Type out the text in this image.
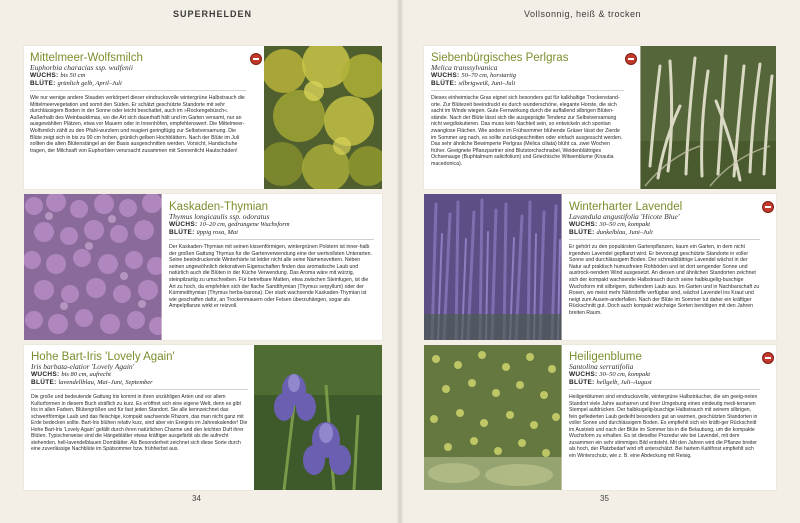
SUPERHELDEN	Vollsonnig, heiß & trocken
Mittelmeer-Wolfsmilch
Euphorbia characias ssp. wulfenii
WUCHS: bis 50 cm
BLÜTE: grünlich gelb, April–Juli
Wie nur wenige andere Stauden verkörpert dieser eindrucksvolle wintergrüne Halbstrauch die Mittelmeervegetation und somit den Süden. Er schätzt geschützte Standorte mit sehr durchlässigem Boden in der Sonne oder leicht beschattet, auch im »Rockengebüsch«. Außerhalb des Weinbauklimas, wo die Art sich dauerhaft hält und im Garten versamt, nur an ausgewählten Plätzen, etwa vor Mauern oder in Innenhöfen, empfehlenswert. Die Mittelmeer-Wolfsmilch zählt zu den Pfahl-wurzlern und reagiert geringfügig zur Selbstversamung. Die Blüte zeigt sich in bis zu 90 cm hohen, grünlich gelben Hochblättern. Nach der Blüte im Juli sollten die alten Blütenstängel an der Basis ausgeschnitten werden. Vorsicht, Handschuhe tragen, der Milchsaft von Euphorbien verursacht zusammen mit Sonnenlicht Hautschäden!
Siebenbürgisches Perlgras
Melica transsylvanica
WUCHS: 50–70 cm, horstartig
BLÜTE: silbrigweiß, Juni–Juli
Dieses einheimische Gras eignet sich besonders gut für kalkhaltige Trockenstand-orte. Zur Blütezeit beeindruckt es durch wunderschöne, elegante Horste, die sich sacht im Winde wiegen. Gute Fernwirkung durch die auffallend silbrigen Blüten-stände. Nach der Blüte lässt sich die ausgeprägte Tendenz zur Selbstversamung nicht wegdiskutieren. Das muss kein Nachteil sein, so entwickeln sich spontan zwanglose Flächen. Wie andere im Frühsommer blühende Gräser lässt der Zierde im Sommer arg nach, es sollte zurückgeschnitten oder einfach ausgesucht werden. Das sehr ähnliche Bewimperte Perlgras (Melica ciliata) blüht ca. zwei Wochen früher. Geeignete Pflanzpartner sind Blutstorchschnabel, Weidenblättriges Ochsenauge (Buphtalmum salicifolium) und Griechische Witwenblume (Knautia macedonica).
Kaskaden-Thymian
Thymus longicaulis ssp. odoratus
WUCHS: 10–20 cm, gedrungene Wuchsform
BLÜTE: üppig rosa, Mai
Der Kaskaden-Thymian mit seinen kissenförmigen, wintergrünen Polstern ist inner-halb der großen Gattung Thymus für die Gartenverwendung eine der wertvollsten Unterarten. Seine beeindruckende Winterhärte ist leider nicht alle seine Namensvettern. Neben seinen ungewöhnlich dekorativen Eigenschaften finden das aromatische Laub und natürlich auch die Blüten in der Küche Verwendung. Das Aroma wäre mit würzig, steinpilzartig zu umschreiben. Für betretbare Matten, etwa zwischen Steinfugen, ist die Art zu hoch, da empfehlen sich der flache Sandthymian (Thymus serpyllum) oder der Kümmelthymian (Thymus herba-barona). Der stark wachsende Kaskaden-Thymian ist wie geschaffen dafür, an Trockenmauern oder Felsen überzuhängen, sogar als Ampelpflanze wirkt er reizvoll.
Winterharter Lavendel
Lavandula angustifolia 'Hicote Blue'
WUCHS: 30–50 cm, kompakt
BLÜTE: dunkelblau, Juni–Juli
Er gehört zu den populärsten Gartenpflanzen, kaum ein Garten, in dem nicht irgendwo Lavendel gepflanzt wird. Er bevorzugt geschützte Standorte in voller Sonne und durchlässigem Boden. Der schmalblättrige Lavendel wächst in der Natur auf praktisch humusfreien Rohböden und ist dort sengender Sonne und austrock-nendem Wind ausgesetzt. An diesen und ähnlichen Standorten zeichnet sich der kompakt wachsende Halbstrauch durch seine halbkugelig-buschige Wuchsform mit silbrigem, duftendem Laub aus. Im Garten und in Nachbarschaft zu Rosen, wo meist mehr Nährstoffe verfügbar sind, wächst Lavendel ins Kraut und neigt zum Ausein-anderfallen. Nach der Blüte im Sommer tut daher ein kräftiger Rückschnitt gut. Doch auch kompakt wüchsige Sorten benötigen mit den Jahren breiten Raum.
Hohe Bart-Iris 'Lovely Again'
Iris barbata-elatior 'Lovely Again'
WUCHS: bis 80 cm, aufrecht
BLÜTE: lavendellblau, Mai–Juni, September
Die große und bedeutende Gattung Iris kommt in ihren unzähligen Arten und vor allem Kulturformen in diesem Buch sträflich zu kurz. Es eröffnet sich eine eigene Welt, denn es gibt Iris in allen Farben, Blütengrößen und für fast jeden Standort. Sie alle kennzeichnet das schwertförmige Laub und das fleischige, kompakt wachsende Rhizom, das man nicht ganz mit Erde bedecken sollte. Bart-Iris blühen relativ kurz, sind aber ein Ereignis im Jahreskalender! Die Hohe Bart-Iris 'Lovely Again' gefällt durch ihren natürlichen Charme und den leichten Duft ihrer Blüten. Typischerweise sind die Hängeblätter etwas kräftiger ausgefärbt als die aufrecht stehenden, hell-lavendelblauen Domblätter. Als Besonderheit zeichnet sich diese Sorte durch eine zuverlässige Nachblüte im Spätsommer bzw. frühherbst aus.
Heiligenblume
Santolina serratifolia
WUCHS: 30–50 cm, kompakt
BLÜTE: hellgelb, Juli–August
Heiligenblumen sind eindrucksvolle, wintergrüne Halbsträucher, die am geeig-neten Standort viele Jahre ausharren und ihrer Umgebung einen eindeutig medi-terranen Stempel aufdrücken. Der halbkugelig-buschige Halbstrauch mit seinem silbrigen, fein gefiederten Laub gedeiht besonders gut an warmen, geschützten Standorten in voller Sonne und durchlässigem Boden. Es empfiehlt sich ein kräfti-ger Rückschnitt im Austrieb und nach der Blüte im Sommer bis in die Belaubung, um die kompakte Wuchsform zu erhalten. Es ist dieselbe Prozedur wie bei Lavendel, mit dem zusammen ein sehr stimmiges Bild entsteht. Mit den Jahren wird die Pflanze breiter als hoch, der Platzbedarf wird oft unterschätzt. Bei hartem Kahlfrost empfiehlt sich ein Winterschutz, wie z. B. eine Abdeckung mit Reisig.
34	35
